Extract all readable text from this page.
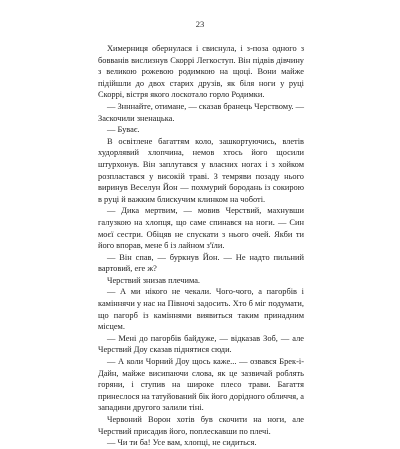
23

Химерниця обернулася і свиснула, і з-поза одного з бовванів вислизнув Скоррі Легкоступ. Він підвів дівчину з великою рожевою родимкою на щоці. Вони майже підійшли до двох старих друзів, як біля ноги у руці Скоррі, вістря якого лоскотало горло Родимки.

— Знннайте, отимане, — сказав бранець Черствому. — Заскочили зненацька.

— Буває.

В освітлене багаттям коло, зашкортуючись, влетів худорлявий хлопчина, немов хтось його щосили штурхонув. Він заплутався у власних ногах і з хойком розпластався у високій траві. З темряви позаду нього виринув Веселун Йон — похмурий бородань із сокирою в руці й важким блискучим клинком на чоботі.

— Дика мертвим, — мовив Черствий, махнувши галузкою на хлопця, що саме спинався на ноги. — Син моєї сестри. Обіцяв не спускати з нього очей. Якби ти його впорав, мене б із лайном з'їли.

— Він спав, — буркнув Йон. — Не надто пильний вартовий, еге ж?

Черствий знизав плечима.

— А ми нікого не чекали. Чого-чого, а пагорбів і каміннячи у нас на Півночі задосить. Хто б міг подумати, що пагорб із каміннями виявиться таким принадним місцем.

— Мені до пагорбів байдуже, — відказав Зоб, — але Черствий Доу сказав піднятися сюди.

— А коли Чорний Доу щось каже... — озвався Брек-і-Дайн, майже висипаючи слова, як це зазвичай роблять горяни, і ступив на широке плесо трави. Багаття принеслося на татуйований бік його доріднoго обличчя, а западини другого залили тіні.

Червоний Ворон хотів був скочити на ноги, але Черствий присадив його, поплескавши по плечі.

— Чи ти ба! Усе вам, хлопці, не сидиться.
